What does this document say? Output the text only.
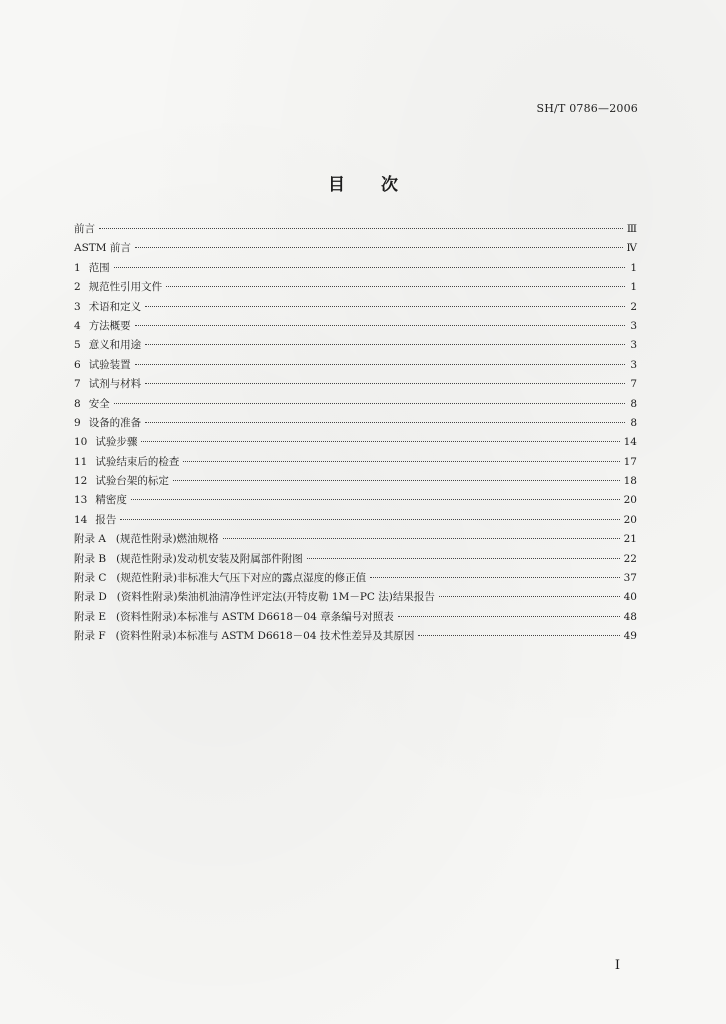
SH/T 0786—2006
目 次
前言	Ⅲ
ASTM 前言	Ⅳ
1 范围	1
2 规范性引用文件	1
3 术语和定义	2
4 方法概要	3
5 意义和用途	3
6 试验装置	3
7 试剂与材料	7
8 安全	8
9 设备的准备	8
10 试验步骤	14
11 试验结束后的检查	17
12 试验台架的标定	18
13 精密度	20
14 报告	20
附录 A (规范性附录)燃油规格	21
附录 B (规范性附录)发动机安装及附属部件附图	22
附录 C (规范性附录)非标准大气压下对应的露点湿度的修正值	37
附录 D (资料性附录)柴油机油清净性评定法(开特皮勒 1M－PC 法)结果报告	40
附录 E (资料性附录)本标准与 ASTM D6618－04 章条编号对照表	48
附录 F (资料性附录)本标准与 ASTM D6618－04 技术性差异及其原因	49
I
